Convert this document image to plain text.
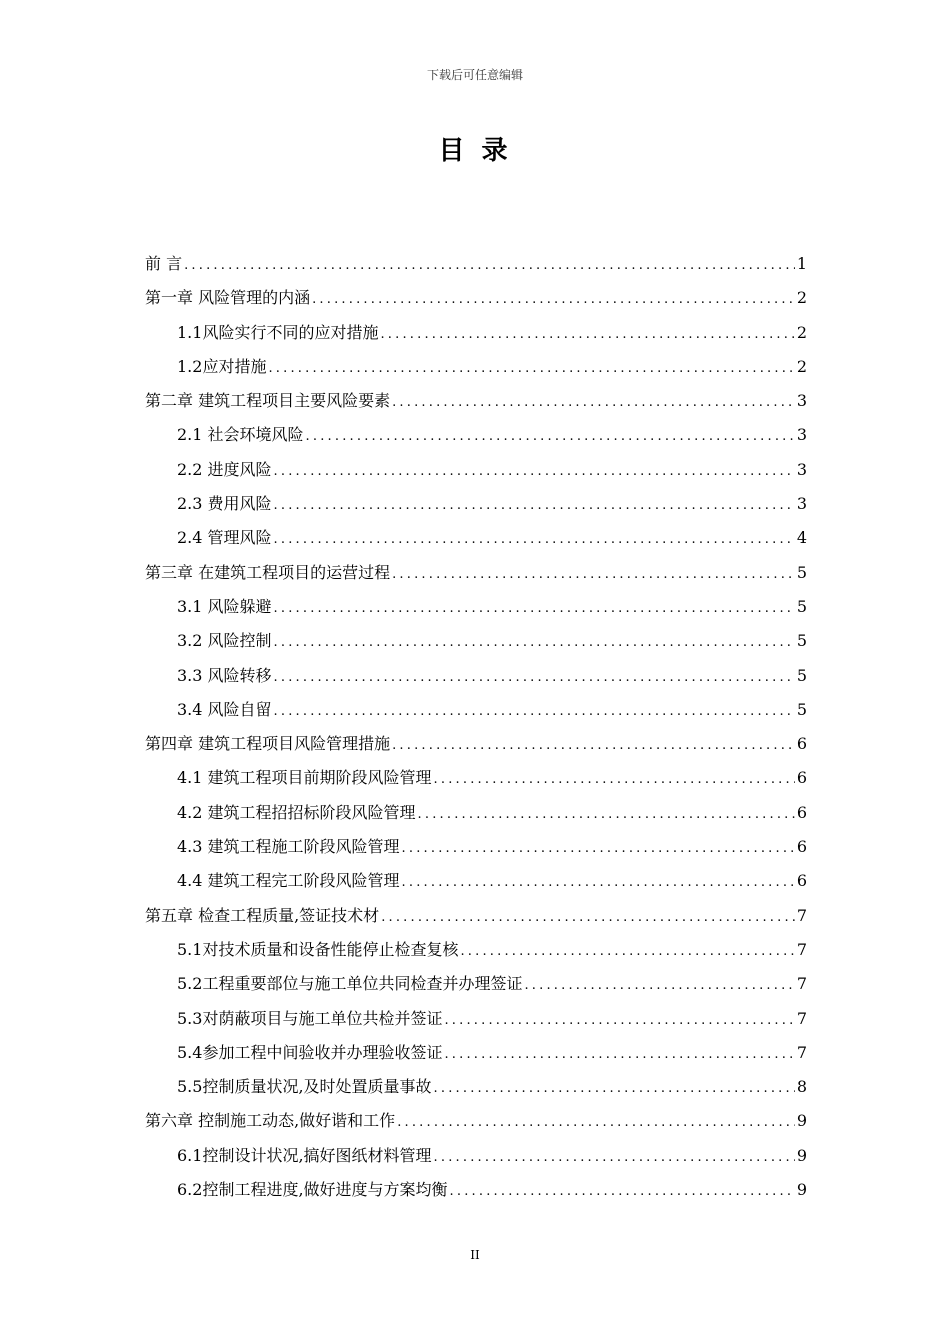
下载后可任意编辑
目 录
前 言 .....	1
第一章 风险管理的内涵 .....	2
1.1风险实行不同的应对措施 .....	2
1.2应对措施 .....	2
第二章 建筑工程项目主要风险要素 .....	3
2.1 社会环境风险 .....	3
2.2 进度风险 .....	3
2.3 费用风险 .....	3
2.4 管理风险 .....	4
第三章 在建筑工程项目的运营过程 .....	5
3.1 风险躲避 .....	5
3.2 风险控制 .....	5
3.3 风险转移 .....	5
3.4 风险自留 .....	5
第四章 建筑工程项目风险管理措施 .....	6
4.1 建筑工程项目前期阶段风险管理 .....	6
4.2 建筑工程招招标阶段风险管理 .....	6
4.3 建筑工程施工阶段风险管理 .....	6
4.4 建筑工程完工阶段风险管理 .....	6
第五章 检查工程质量,签证技术材 .....	7
5.1对技术质量和设备性能停止检查复核 .....	7
5.2工程重要部位与施工单位共同检查并办理签证 .....	7
5.3对荫蔽项目与施工单位共检并签证 .....	7
5.4参加工程中间验收并办理验收签证 .....	7
5.5控制质量状况,及时处置质量事故 .....	8
第六章 控制施工动态,做好谐和工作 .....	9
6.1控制设计状况,搞好图纸材料管理 .....	9
6.2控制工程进度,做好进度与方案均衡 .....	9
II
